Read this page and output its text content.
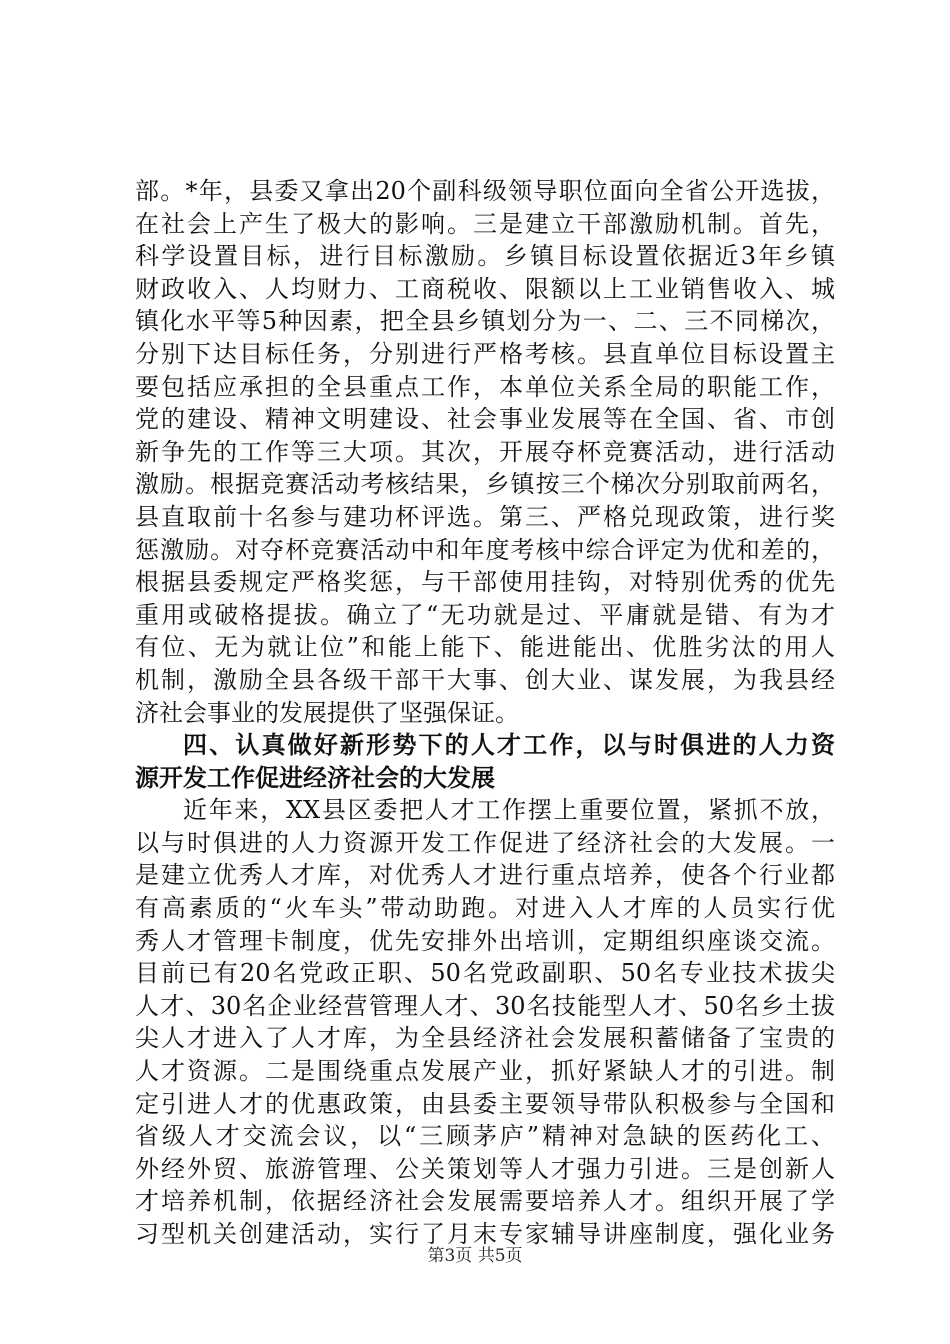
部。*年，县委又拿出20个副科级领导职位面向全省公开选拔，
在社会上产生了极大的影响。三是建立干部激励机制。首先，
科学设置目标，进行目标激励。乡镇目标设置依据近3年乡镇
财政收入、人均财力、工商税收、限额以上工业销售收入、城
镇化水平等5种因素，把全县乡镇划分为一、二、三不同梯次，
分别下达目标任务，分别进行严格考核。县直单位目标设置主
要包括应承担的全县重点工作，本单位关系全局的职能工作，
党的建设、精神文明建设、社会事业发展等在全国、省、市创
新争先的工作等三大项。其次，开展夺杯竞赛活动，进行活动
激励。根据竞赛活动考核结果，乡镇按三个梯次分别取前两名，
县直取前十名参与建功杯评选。第三、严格兑现政策，进行奖
惩激励。对夺杯竞赛活动中和年度考核中综合评定为优和差的，
根据县委规定严格奖惩，与干部使用挂钩，对特别优秀的优先
重用或破格提拔。确立了“无功就是过、平庸就是错、有为才
有位、无为就让位”和能上能下、能进能出、优胜劣汰的用人
机制，激励全县各级干部干大事、创大业、谋发展，为我县经
济社会事业的发展提供了坚强保证。
四、认真做好新形势下的人才工作，以与时俱进的人力资
源开发工作促进经济社会的大发展
近年来，XX县区委把人才工作摆上重要位置，紧抓不放，
以与时俱进的人力资源开发工作促进了经济社会的大发展。一
是建立优秀人才库，对优秀人才进行重点培养，使各个行业都
有高素质的“火车头”带动助跑。对进入人才库的人员实行优
秀人才管理卡制度，优先安排外出培训，定期组织座谈交流。
目前已有20名党政正职、50名党政副职、50名专业技术拔尖
人才、30名企业经营管理人才、30名技能型人才、50名乡土拔
尖人才进入了人才库，为全县经济社会发展积蓄储备了宝贵的
人才资源。二是围绕重点发展产业，抓好紧缺人才的引进。制
定引进人才的优惠政策，由县委主要领导带队积极参与全国和
省级人才交流会议，以“三顾茅庐”精神对急缺的医药化工、
外经外贸、旅游管理、公关策划等人才强力引进。三是创新人
才培养机制，依据经济社会发展需要培养人才。组织开展了学
习型机关创建活动，实行了月末专家辅导讲座制度，强化业务
第3页 共5页
